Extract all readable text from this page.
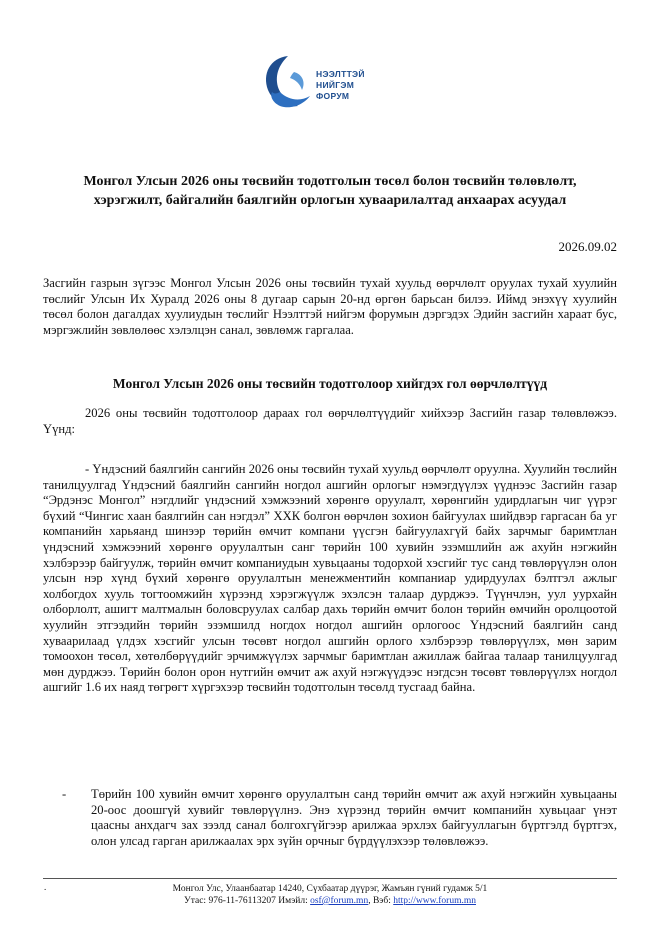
НЭЭЛТТЭЙ
НИЙГЭМ
ФОРУМ
Монгол Улсын 2026 оны төсвийн тодотголын төсөл болон төсвийн төлөвлөлт,
хэрэгжилт, байгалийн баялгийн орлогын хуваарилалтад анхаарах асуудал
2026.09.02
Засгийн газрын зүгээс Монгол Улсын 2026 оны төсвийн тухай хуульд өөрчлөлт оруулах тухай хуулийн төслийг Улсын Их Хуралд 2026 оны 8 дугаар сарын 20-нд өргөн барьсан билээ. Иймд энэхүү хуулийн төсөл болон дагалдах хуулиудын төслийг Нээлттэй нийгэм форумын дэргэдэх Эдийн засгийн хараат бус, мэргэжлийн зөвлөлөөс хэлэлцэн санал, зөвлөмж гаргалаа.
Монгол Улсын 2026 оны төсвийн тодотголоор хийгдэх гол өөрчлөлтүүд
2026 оны төсвийн тодотголоор дараах гол өөрчлөлтүүдийг хийхээр Засгийн газар төлөвлөжээ. Үүнд:
- Үндэсний баялгийн сангийн 2026 оны төсвийн тухай хуульд өөрчлөлт оруулна. Хуулийн төслийн танилцуулгад Үндэсний баялгийн сангийн ногдол ашгийн орлогыг нэмэгдүүлэх үүднээс Засгийн газар “Эрдэнэс Монгол” нэгдлийг үндэсний хэмжээний хөрөнгө оруулалт, хөрөнгийн удирдлагын чиг үүрэг бүхий “Чингис хаан баялгийн сан нэгдэл” ХХК болгон өөрчлөн зохион байгуулах шийдвэр гаргасан ба уг компанийн харьяанд шинээр төрийн өмчит компани үүсгэн байгуулахгүй байх зарчмыг баримтлан үндэсний хэмжээний хөрөнгө оруулалтын санг төрийн 100 хувийн эзэмшлийн аж ахуйн нэгжийн хэлбэрээр байгуулж, төрийн өмчит компаниудын хувьцааны тодорхой хэсгийг тус санд төвлөрүүлэн олон улсын нэр хүнд бүхий хөрөнгө оруулалтын менежментийн компаниар удирдуулах бэлтгэл ажлыг холбогдох хууль тогтоомжийн хүрээнд хэрэгжүүлж эхэлсэн талаар дурджээ. Түүнчлэн, уул уурхайн олборлолт, ашигт малтмалын боловсруулах салбар дахь төрийн өмчит болон төрийн өмчийн оролцоотой хуулийн этгээдийн төрийн эзэмшилд ногдох ногдол ашгийн орлогоос Үндэсний баялгийн санд хуваарилаад үлдэх хэсгийг улсын төсөвт ногдол ашгийн орлого хэлбэрээр төвлөрүүлэх, мөн зарим томоохон төсөл, хөтөлбөрүүдийг эрчимжүүлэх зарчмыг баримтлан ажиллаж байгаа талаар танилцуулгад мөн дурджээ. Төрийн болон орон нутгийн өмчит аж ахуй нэгжүүдээс нэгдсэн төсөвт төвлөрүүлэх ногдол ашгийг 1.6 их наяд төгрөгт хүргэхээр төсвийн тодотголын төсөлд тусгаад байна.
- Төрийн 100 хувийн өмчит хөрөнгө оруулалтын санд төрийн өмчит аж ахуй нэгжийн хувьцааны 20-оос доошгүй хувийг төвлөрүүлнэ. Энэ хүрээнд төрийн өмчит компанийн хувьцааг үнэт цаасны анхдагч зах зээлд санал болгохгүйгээр арилжаа эрхлэх байгууллагын бүртгэлд бүртгэх, олон улсад гарган арилжаалах эрх зүйн орчныг бүрдүүлэхээр төлөвлөжээ.
.	Монгол Улс, Улаанбаатар 14240, Сүхбаатар дүүрэг, Жамъян гүний гудамж 5/1
Утас: 976-11-76113207 Имэйл: osf@forum.mn, Вэб: http://www.forum.mn
